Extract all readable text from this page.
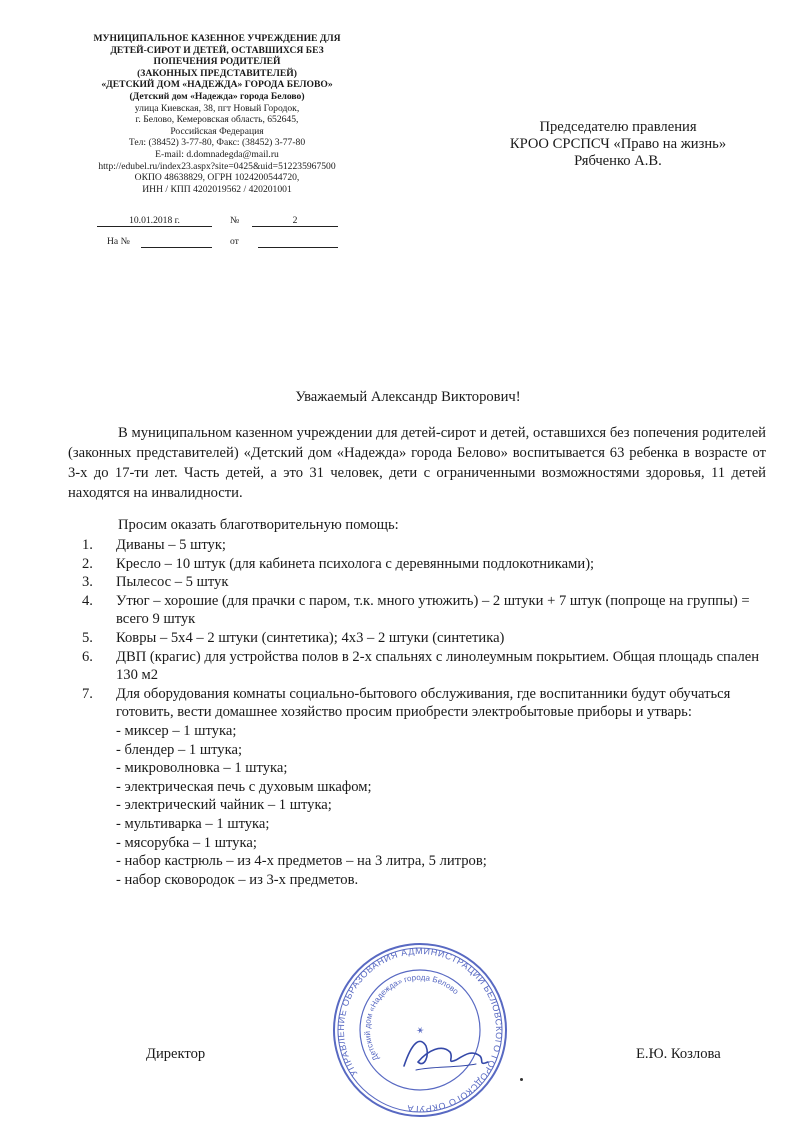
МУНИЦИПАЛЬНОЕ КАЗЕННОЕ УЧРЕЖДЕНИЕ ДЛЯ
ДЕТЕЙ-СИРОТ И ДЕТЕЙ, ОСТАВШИХСЯ БЕЗ
ПОПЕЧЕНИЯ РОДИТЕЛЕЙ
(ЗАКОННЫХ ПРЕДСТАВИТЕЛЕЙ)
«ДЕТСКИЙ ДОМ «НАДЕЖДА» ГОРОДА БЕЛОВО»
(Детский дом «Надежда» города Белово)
улица Киевская, 38, пгт Новый Городок,
г. Белово, Кемеровская область, 652645,
Российская Федерация
Тел: (38452) 3-77-80, Факс: (38452) 3-77-80
E-mail: d.domnadegda@mail.ru
http://edubel.ru/index23.aspx?site=0425&uid=512235967500
ОКПО 48638829, ОГРН 1024200544720,
ИНН / КПП 4202019562 / 420201001
10.01.2018 г.	№	2
На №	от
Председателю правления
КРОО СРСПСЧ «Право на жизнь»
Рябченко А.В.
Уважаемый Александр Викторович!

В муниципальном казенном учреждении для детей-сирот и детей, оставшихся без попечения родителей (законных представителей) «Детский дом «Надежда» города Белово» воспитывается 63 ребенка в возрасте от 3-х до 17-ти лет. Часть детей, а это 31 человек, дети с ограниченными возможностями здоровья, 11 детей находятся на инвалидности.

Просим оказать благотворительную помощь:
1. Диваны – 5 штук;
2. Кресло – 10 штук (для кабинета психолога с деревянными подлокотниками);
3. Пылесос – 5 штук
4. Утюг – хорошие (для прачки с паром, т.к. много утюжить) – 2 штуки + 7 штук (попроще на группы) = всего 9 штук
5. Ковры – 5х4 – 2 штуки (синтетика); 4х3 – 2 штуки (синтетика)
6. ДВП (крагис) для устройства полов в 2-х спальнях с линолеумным покрытием. Общая площадь спален 130 м2
7. Для оборудования комнаты социально-бытового обслуживания, где воспитанники будут обучаться готовить, вести домашнее хозяйство просим приобрести электробытовые приборы и утварь:
- миксер – 1 штука;
- блендер – 1 штука;
- микроволновка – 1 штука;
- электрическая печь с духовым шкафом;
- электрический чайник – 1 штука;
- мультиварка – 1 штука;
- мясорубка – 1 штука;
- набор кастрюль – из 4-х предметов – на 3 литра, 5 литров;
- набор сковородок – из 3-х предметов.
УПРАВЛЕНИЕ ОБРАЗОВАНИЯ АДМИНИСТРАЦИИ БЕЛОВСКОГО ГОРОДСКОГО ОКРУГА
Детский дом «Надежда» города Белово
✶
Директор	Е.Ю. Козлова
